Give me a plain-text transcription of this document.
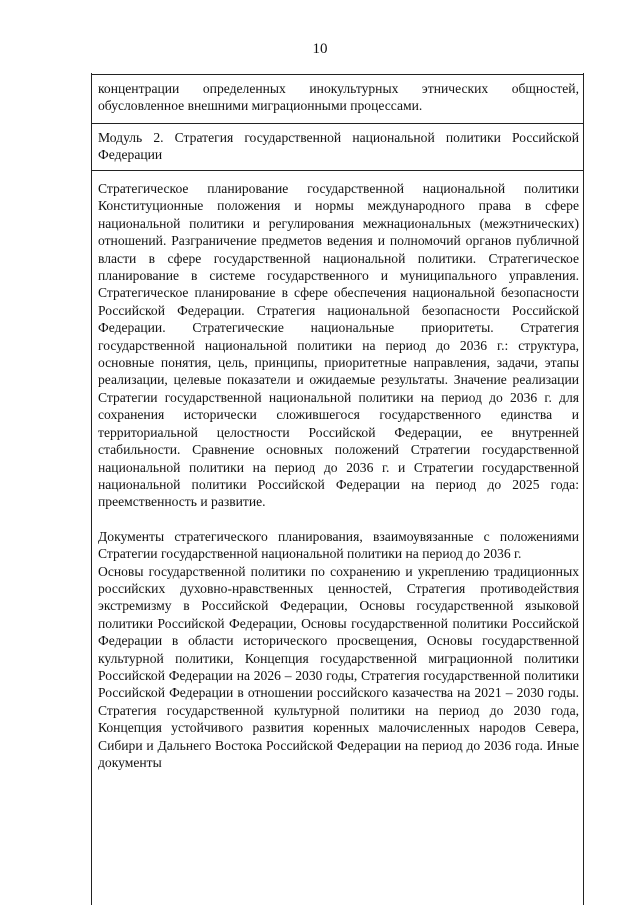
10

концентрации определенных инокультурных этнических общностей, обусловленное внешними миграционными процессами.

Модуль 2. Стратегия государственной национальной политики Российской Федерации

Стратегическое планирование государственной национальной политики Конституционные положения и нормы международного права в сфере национальной политики и регулирования межнациональных (межэтнических) отношений. Разграничение предметов ведения и полномочий органов публичной власти в сфере государственной национальной политики. Стратегическое планирование в системе государственного и муниципального управления. Стратегическое планирование в сфере обеспечения национальной безопасности Российской Федерации. Стратегия национальной безопасности Российской Федерации. Стратегические национальные приоритеты. Стратегия государственной национальной политики на период до 2036 г.: структура, основные понятия, цель, принципы, приоритетные направления, задачи, этапы реализации, целевые показатели и ожидаемые результаты. Значение реализации Стратегии государственной национальной политики на период до 2036 г. для сохранения исторически сложившегося государственного единства и территориальной целостности Российской Федерации, ее внутренней стабильности. Сравнение основных положений Стратегии государственной национальной политики на период до 2036 г. и Стратегии государственной национальной политики Российской Федерации на период до 2025 года: преемственность и развитие.

Документы стратегического планирования, взаимоувязанные с положениями Стратегии государственной национальной политики на период до 2036 г.

Основы государственной политики по сохранению и укреплению традиционных российских духовно-нравственных ценностей, Стратегия противодействия экстремизму в Российской Федерации, Основы государственной языковой политики Российской Федерации, Основы государственной политики Российской Федерации в области исторического просвещения, Основы государственной культурной политики, Концепция государственной миграционной политики Российской Федерации на 2026 – 2030 годы, Стратегия государственной политики Российской Федерации в отношении российского казачества на 2021 – 2030 годы. Стратегия государственной культурной политики на период до 2030 года, Концепция устойчивого развития коренных малочисленных народов Севера, Сибири и Дальнего Востока Российской Федерации на период до 2036 года. Иные документы
